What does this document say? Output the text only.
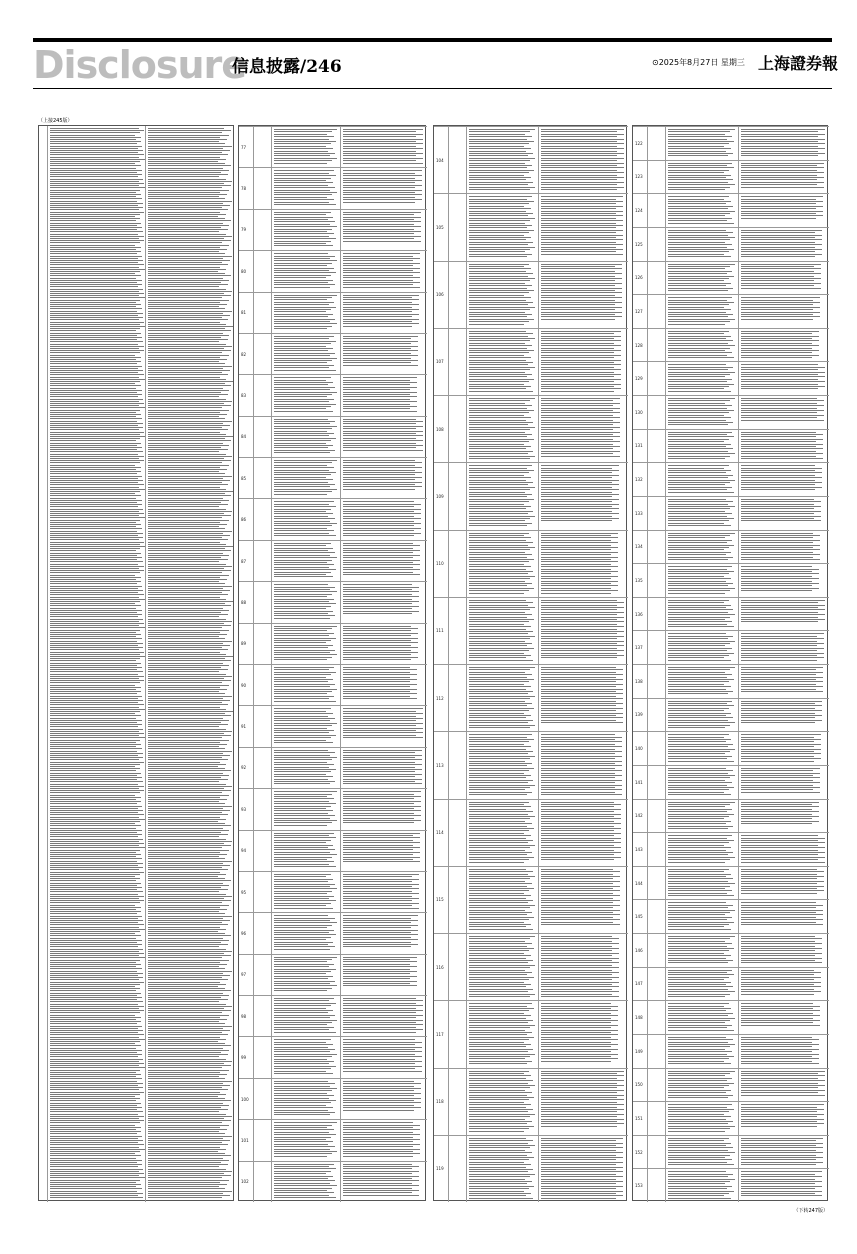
Disclosure
信息披露/246	⊙2025年8月27日 星期三 上海證券報
（上接245版）
77
78
79
80
81
82
83
84
85
86
87
88
89
90
91
92
93
94
95
96
97
98
99
100
101
102
104
105
106
107
108
109
110
111
112
113
114
115
116
117
118
119
122
123
124
125
126
127
128
129
130
131
132
133
134
135
136
137
138
139
140
141
142
143
144
145
146
147
148
149
150
151
152
153
（下转247版）
